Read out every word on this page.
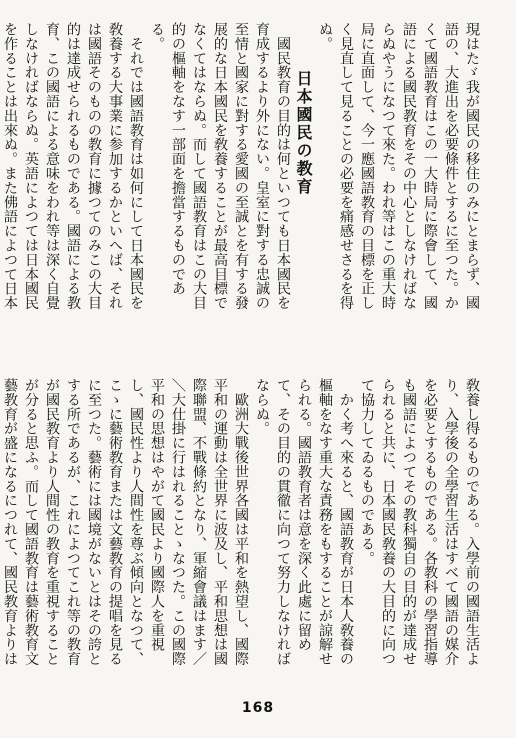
現はたゞ我が國民の移住のみにとまらず、國語の、大進出を必要條件とするに至つた。かくて國語教育はこの一大時局に際會して、國語による國民教育をその中心としなければならぬやうになつて來た。われ等はこの重大時局に直面して、今一應國語教育の目標を正しく見直して見ることの必要を痛感せさるを得ぬ。

日本國民の教育

國民教育の目的は何といつても日本國民を育成するより外にない。皇室に對する忠誠の至情と國家に對する愛國の至誠とを有する發展的な日本國民を敎養することが最高目標でなくてはならぬ。而して國語教育はこの大目的の樞軸をなす一部面を擔當するものである。

それでは國語教育は如何にして日本國民を敎養する大事業に参加するかといへば、それは國語そのものの教育に據つてのみこの大目的は達成せられるものである。國語による教育、この國語による意味をわれ等は深く自覺しなければならぬ。英語によつては日本國民を作ることは出來ぬ。また佛語によつて日本

敎養し得るものである。入學前の國語生活より、入學後の全學習生活はすべて國語の媒介を必要とするものである。各教科の學習指導も國語によつてその教科獨自の目的が達成せられると共に、日本國民敎養の大目的に向つて協力してゐるものである。

かく考へ來ると、國語教育が日本人敎養の樞軸をなす重大な責務をもすることが諒解せられる。國語教育者は意を深く此處に留めて、その目的の貫徹に向つて努力しなければならぬ。

歐洲大戰後世界各國は平和を熱望し、國際平和の運動は全世界に波及し、平和思想は國際聯盟、不戰條約となり、軍縮會議はます／＼大仕掛に行はれることゝなつた。この國際平和の思想はやがて國民より國際人を重視し、國民性より人間性を尊ぶ傾向となつて、こゝに藝術教育または文藝教育の提唱を見るに至つた。藝術には國境がないとはその誇とする所であるが、これによつてこれ等の教育が國民教育より人間性の教育を重視することが分ると思ふ。而して國語教育は藝術教育文藝教育が盛になるにつれて、國民教育よりは

168
